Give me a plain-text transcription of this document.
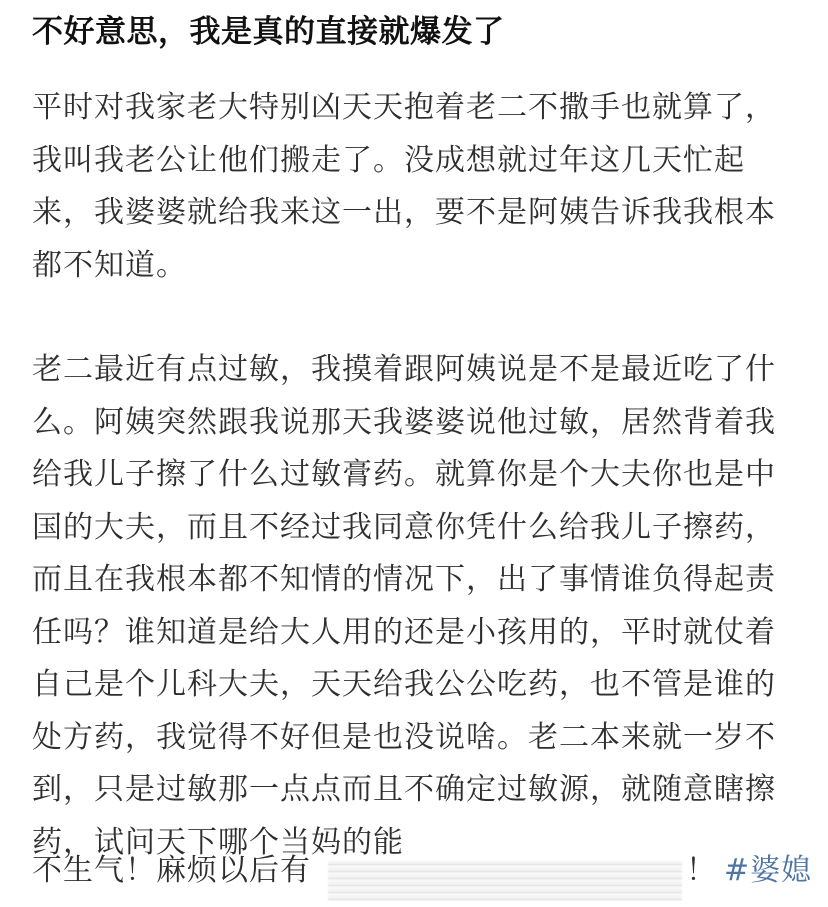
不好意思，我是真的直接就爆发了

平时对我家老大特别凶天天抱着老二不撒手也就算了，我叫我老公让他们搬走了。没成想就过年这几天忙起来，我婆婆就给我来这一出，要不是阿姨告诉我我根本都不知道。

老二最近有点过敏，我摸着跟阿姨说是不是最近吃了什么。阿姨突然跟我说那天我婆婆说他过敏，居然背着我给我儿子擦了什么过敏膏药。就算你是个大夫你也是中国的大夫，而且不经过我同意你凭什么给我儿子擦药，而且在我根本都不知情的情况下，出了事情谁负得起责任吗？谁知道是给大人用的还是小孩用的，平时就仗着自己是个儿科大夫，天天给我公公吃药，也不管是谁的处方药，我觉得不好但是也没说啥。老二本来就一岁不到，只是过敏那一点点而且不确定过敏源，就随意瞎擦药，试问天下哪个当妈的能

不生气！麻烦以后有	！ #婆媳
